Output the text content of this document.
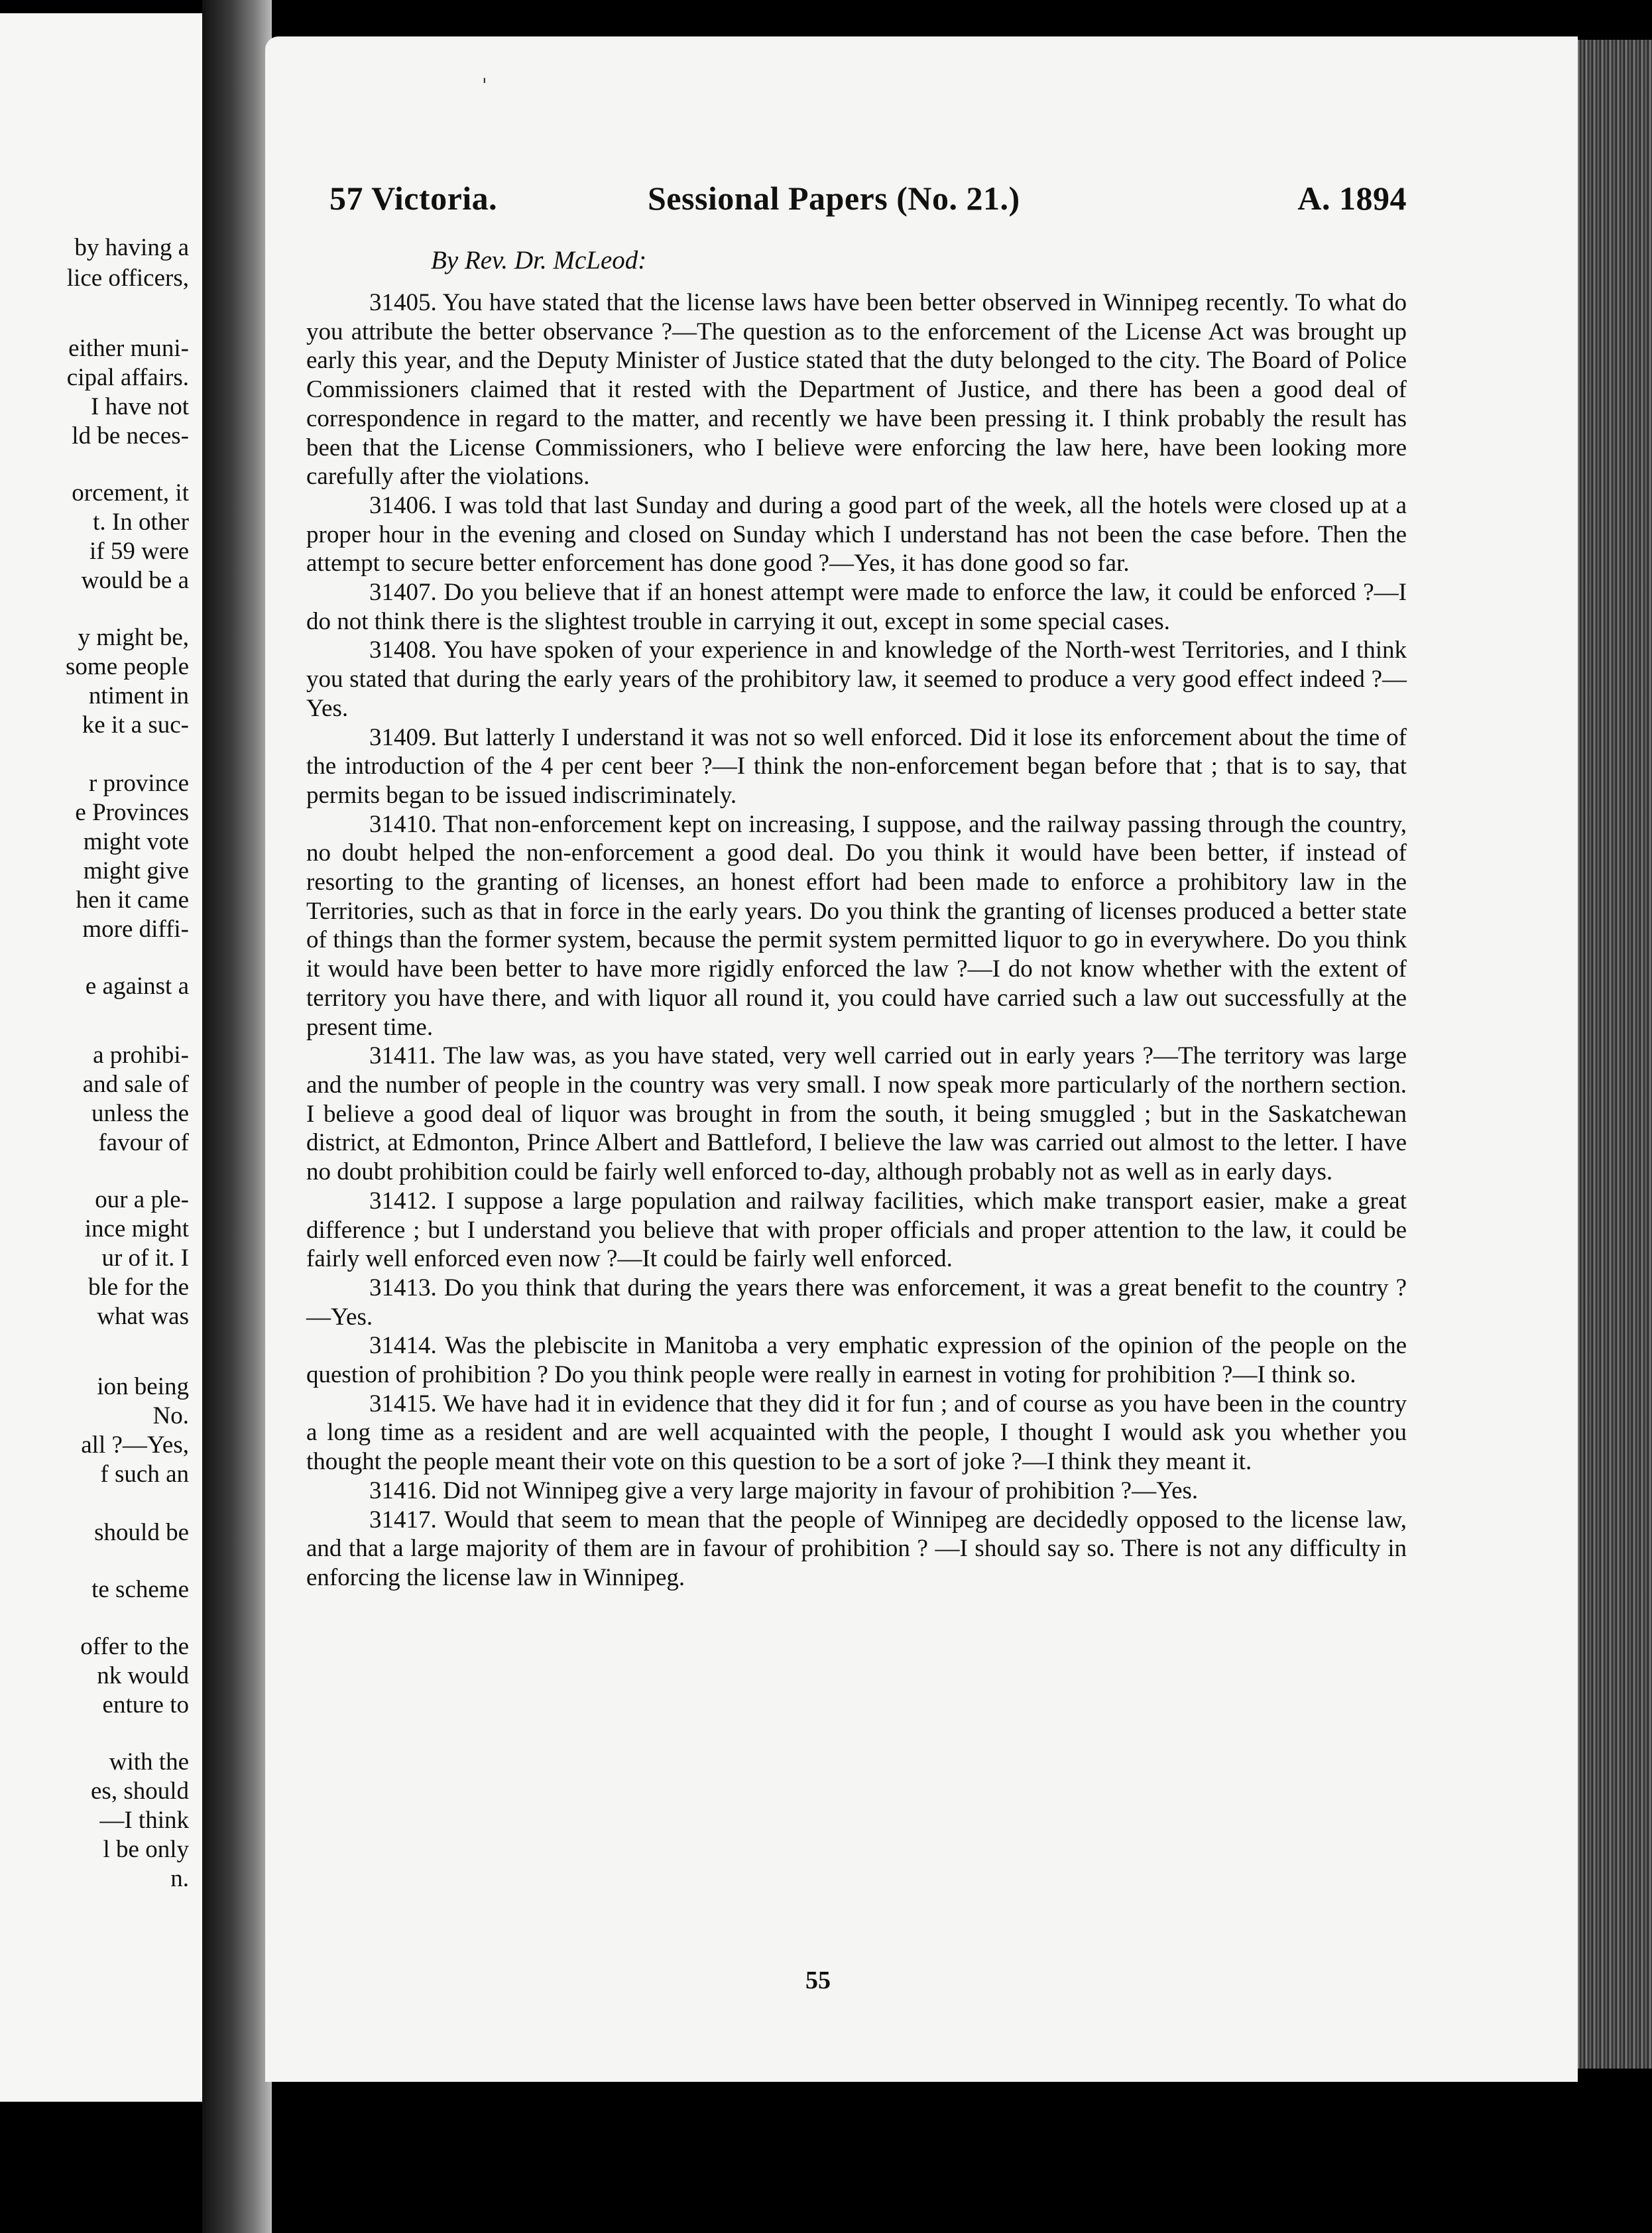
by having a
lice officers,
either muni-
cipal affairs.
I have not
ld be neces-
orcement, it
t. In other
if 59 were
would be a
y might be,
some people
ntiment in
ke it a suc-
r province
e Provinces
might vote
might give
hen it came
more diffi-
e against a
a prohibi-
and sale of
unless the
favour of
our a ple-
ince might
ur of it. I
ble for the
what was
ion being
No.
all ?—Yes,
f such an
should be
te scheme
offer to the
nk would
enture to
with the
es, should
—I think
l be only
n.
'
57 Victoria.	Sessional Papers (No. 21.)	A. 1894
By Rev. Dr. McLeod:

31405. You have stated that the license laws have been better observed in Winnipeg recently. To what do you attribute the better observance ?—The question as to the enforcement of the License Act was brought up early this year, and the Deputy Minister of Justice stated that the duty belonged to the city. The Board of Police Commissioners claimed that it rested with the Department of Justice, and there has been a good deal of correspondence in regard to the matter, and recently we have been pressing it. I think probably the result has been that the License Commissioners, who I believe were enforcing the law here, have been looking more carefully after the violations.

31406. I was told that last Sunday and during a good part of the week, all the hotels were closed up at a proper hour in the evening and closed on Sunday which I understand has not been the case before. Then the attempt to secure better enforcement has done good ?—Yes, it has done good so far.

31407. Do you believe that if an honest attempt were made to enforce the law, it could be enforced ?—I do not think there is the slightest trouble in carrying it out, except in some special cases.

31408. You have spoken of your experience in and knowledge of the North-west Territories, and I think you stated that during the early years of the prohibitory law, it seemed to produce a very good effect indeed ?—Yes.

31409. But latterly I understand it was not so well enforced. Did it lose its enforcement about the time of the introduction of the 4 per cent beer ?—I think the non-enforcement began before that ; that is to say, that permits began to be issued indiscriminately.

31410. That non-enforcement kept on increasing, I suppose, and the railway passing through the country, no doubt helped the non-enforcement a good deal. Do you think it would have been better, if instead of resorting to the granting of licenses, an honest effort had been made to enforce a prohibitory law in the Territories, such as that in force in the early years. Do you think the granting of licenses produced a better state of things than the former system, because the permit system permitted liquor to go in everywhere. Do you think it would have been better to have more rigidly enforced the law ?—I do not know whether with the extent of territory you have there, and with liquor all round it, you could have carried such a law out successfully at the present time.

31411. The law was, as you have stated, very well carried out in early years ?—The territory was large and the number of people in the country was very small. I now speak more particularly of the northern section. I believe a good deal of liquor was brought in from the south, it being smuggled ; but in the Saskatchewan district, at Edmonton, Prince Albert and Battleford, I believe the law was carried out almost to the letter. I have no doubt prohibition could be fairly well enforced to-day, although probably not as well as in early days.

31412. I suppose a large population and railway facilities, which make transport easier, make a great difference ; but I understand you believe that with proper officials and proper attention to the law, it could be fairly well enforced even now ?—It could be fairly well enforced.

31413. Do you think that during the years there was enforcement, it was a great benefit to the country ?—Yes.

31414. Was the plebiscite in Manitoba a very emphatic expression of the opinion of the people on the question of prohibition ? Do you think people were really in earnest in voting for prohibition ?—I think so.

31415. We have had it in evidence that they did it for fun ; and of course as you have been in the country a long time as a resident and are well acquainted with the people, I thought I would ask you whether you thought the people meant their vote on this question to be a sort of joke ?—I think they meant it.

31416. Did not Winnipeg give a very large majority in favour of prohibition ?—Yes.

31417. Would that seem to mean that the people of Winnipeg are decidedly opposed to the license law, and that a large majority of them are in favour of prohibition ? —I should say so. There is not any difficulty in enforcing the license law in Winnipeg.

55
